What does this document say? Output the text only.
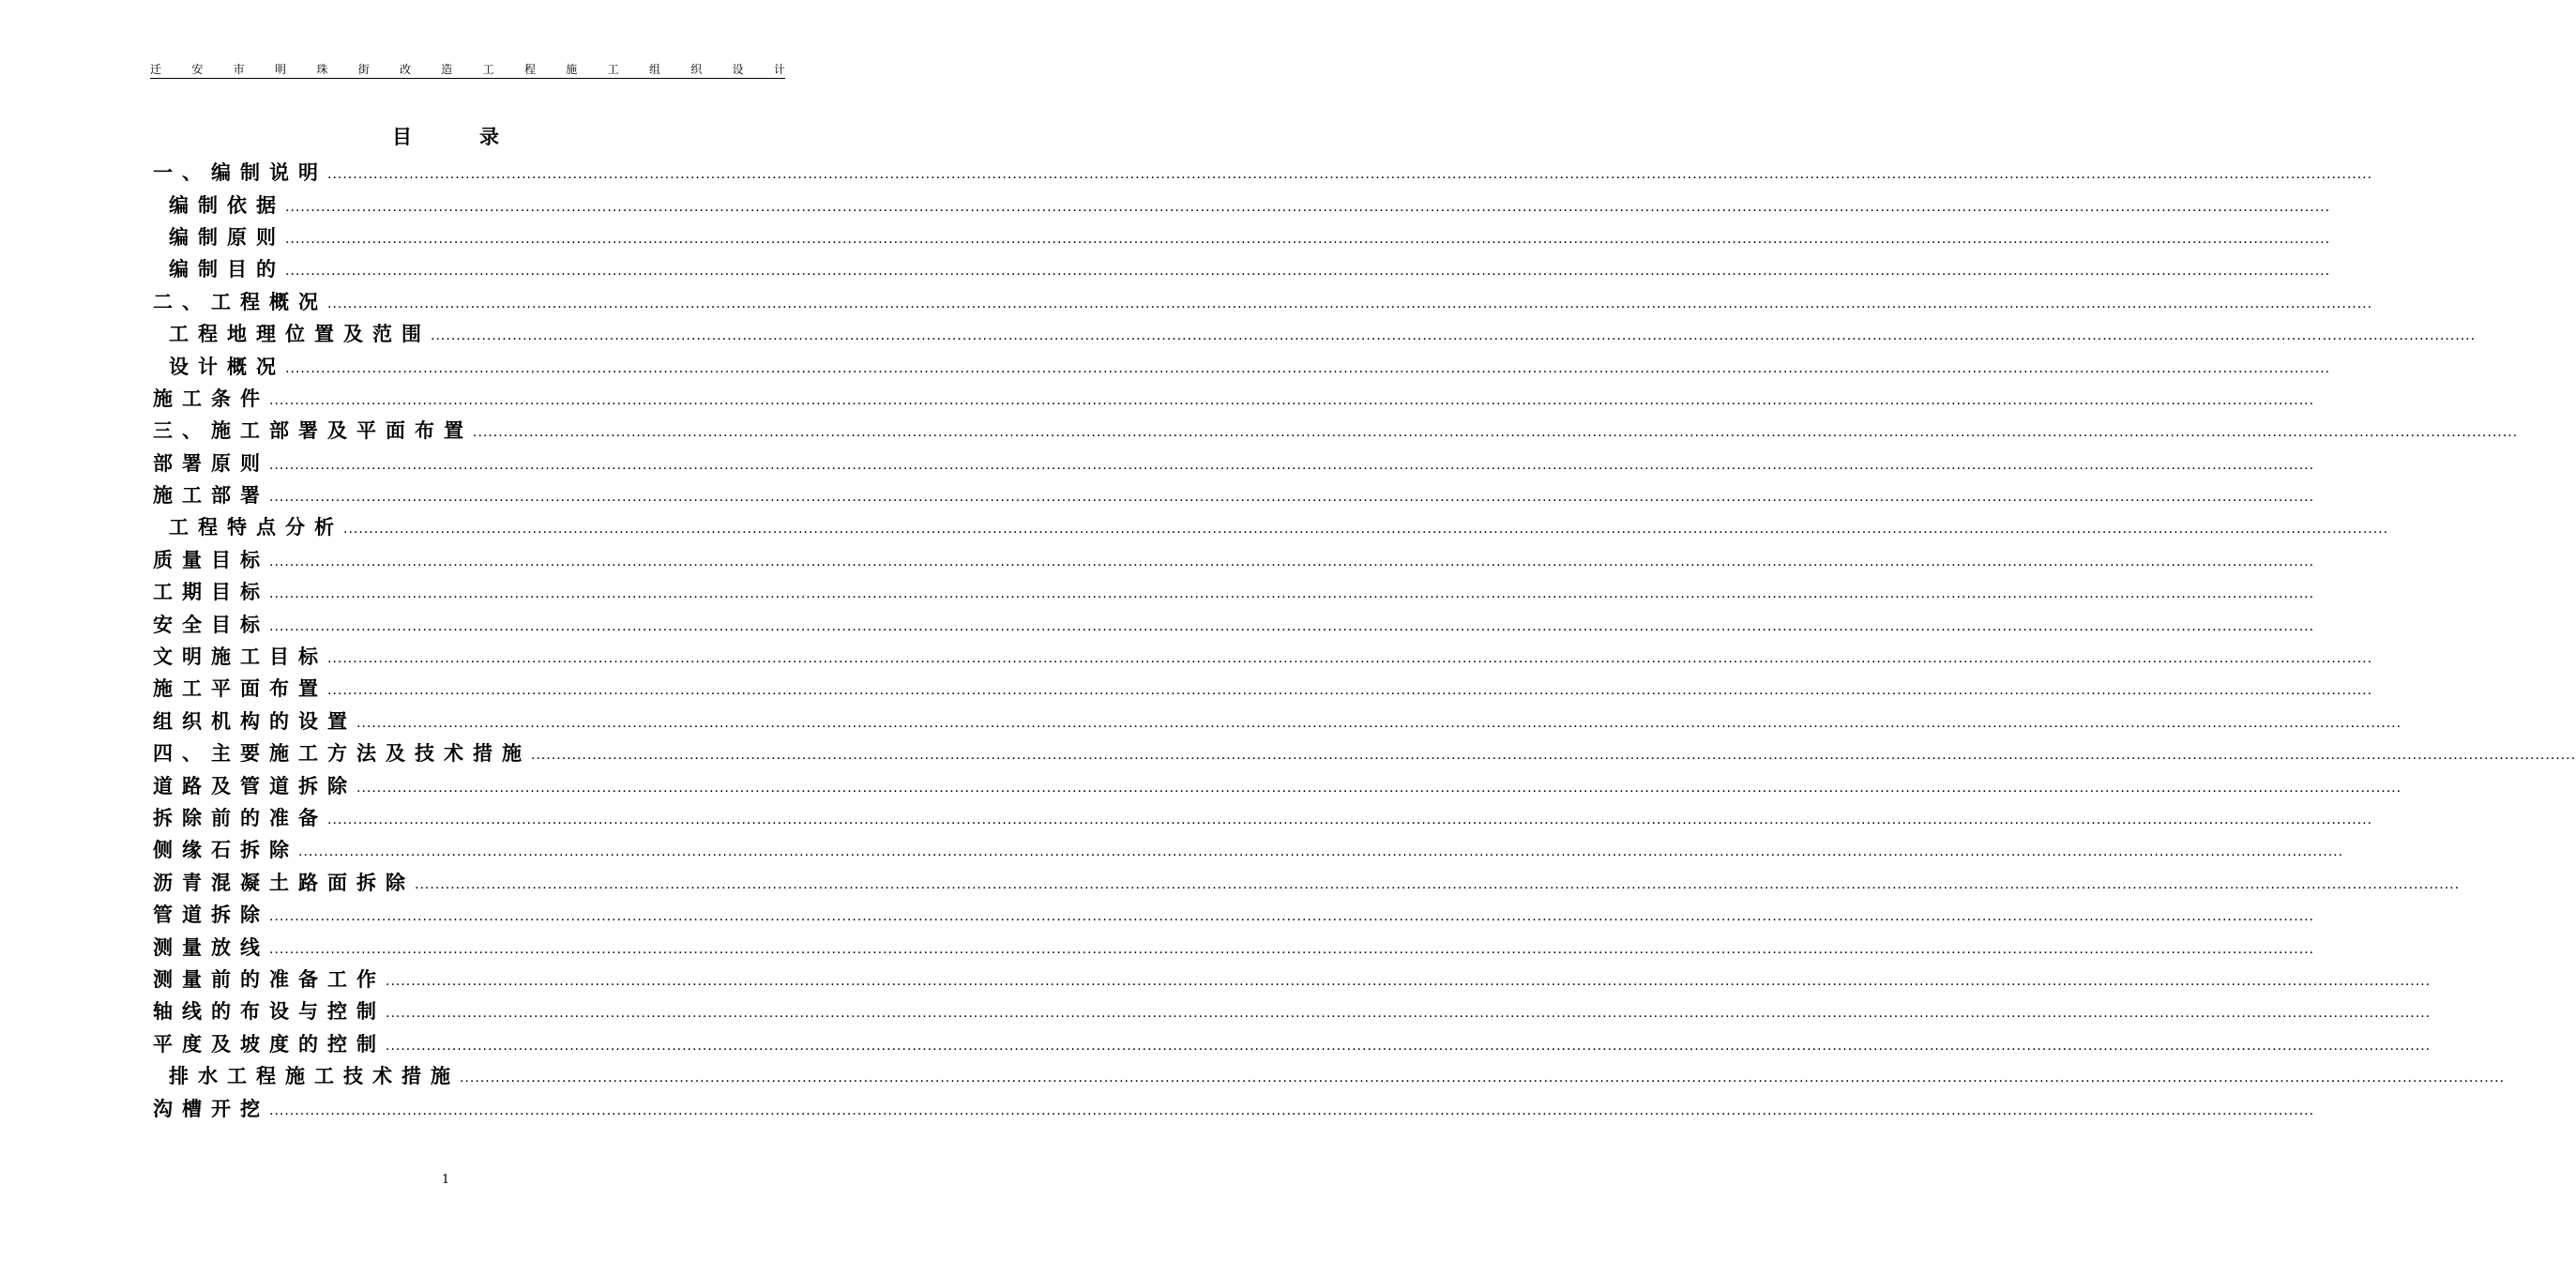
迁	安	市	明	珠	街	改	造	工	程	施	工	组	织	设	计
目录
一、编制说明 ................................................................................................................................................................................................................................................................................................................................................................................................................
编制依据 ................................................................................................................................................................................................................................................................................................................................................................................................................
编制原则 ................................................................................................................................................................................................................................................................................................................................................................................................................
编制目的 ................................................................................................................................................................................................................................................................................................................................................................................................................
二、工程概况 ................................................................................................................................................................................................................................................................................................................................................................................................................
工程地理位置及范围 ................................................................................................................................................................................................................................................................................................................................................................................................................
设计概况 ................................................................................................................................................................................................................................................................................................................................................................................................................
施工条件 ................................................................................................................................................................................................................................................................................................................................................................................................................
三、施工部署及平面布置 ................................................................................................................................................................................................................................................................................................................................................................................................................
部署原则 ................................................................................................................................................................................................................................................................................................................................................................................................................
施工部署 ................................................................................................................................................................................................................................................................................................................................................................................................................
工程特点分析 ................................................................................................................................................................................................................................................................................................................................................................................................................
质量目标 ................................................................................................................................................................................................................................................................................................................................................................................................................
工期目标 ................................................................................................................................................................................................................................................................................................................................................................................................................
安全目标 ................................................................................................................................................................................................................................................................................................................................................................................................................
文明施工目标 ................................................................................................................................................................................................................................................................................................................................................................................................................
施工平面布置 ................................................................................................................................................................................................................................................................................................................................................................................................................
组织机构的设置 ................................................................................................................................................................................................................................................................................................................................................................................................................
四、主要施工方法及技术措施 ................................................................................................................................................................................................................................................................................................................................................................................................................
道路及管道拆除 ................................................................................................................................................................................................................................................................................................................................................................................................................
拆除前的准备 ................................................................................................................................................................................................................................................................................................................................................................................................................
侧缘石拆除 ................................................................................................................................................................................................................................................................................................................................................................................................................
沥青混凝土路面拆除 ................................................................................................................................................................................................................................................................................................................................................................................................................
管道拆除 ................................................................................................................................................................................................................................................................................................................................................................................................................
测量放线 ................................................................................................................................................................................................................................................................................................................................................................................................................
测量前的准备工作 ................................................................................................................................................................................................................................................................................................................................................................................................................
轴线的布设与控制 ................................................................................................................................................................................................................................................................................................................................................................................................................
平度及坡度的控制 ................................................................................................................................................................................................................................................................................................................................................................................................................
排水工程施工技术措施 ................................................................................................................................................................................................................................................................................................................................................................................................................
沟槽开挖 ................................................................................................................................................................................................................................................................................................................................................................................................................
1
